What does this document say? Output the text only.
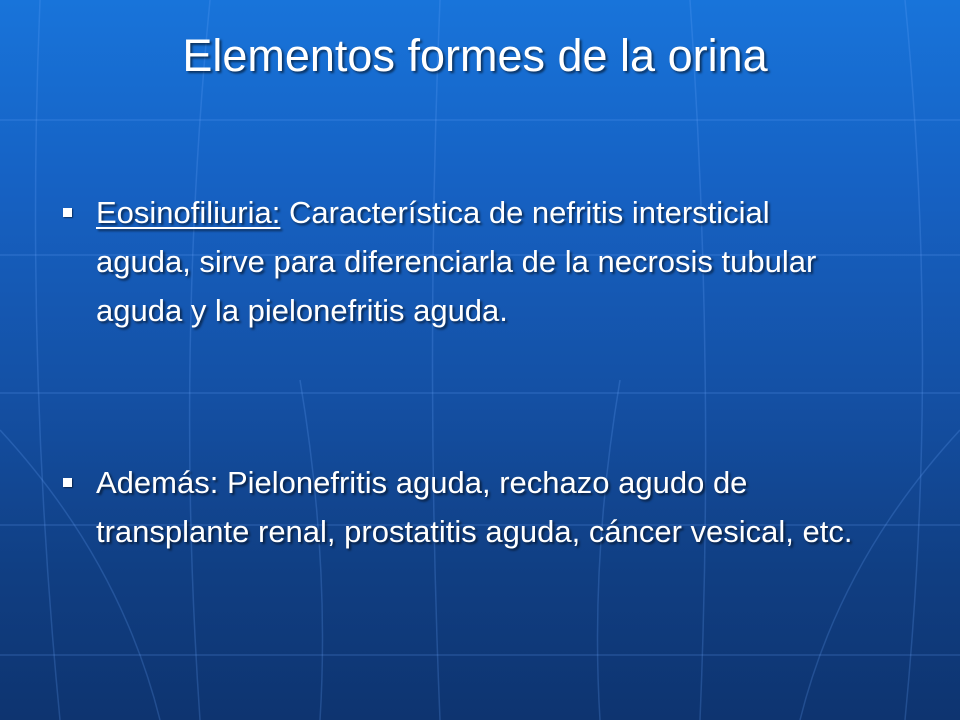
Elementos formes de la orina
Eosinofiliuria: Característica de nefritis intersticial
aguda, sirve para diferenciarla de la necrosis tubular
aguda y la pielonefritis aguda.
Además: Pielonefritis aguda, rechazo agudo de
transplante renal, prostatitis aguda, cáncer vesical, etc.
